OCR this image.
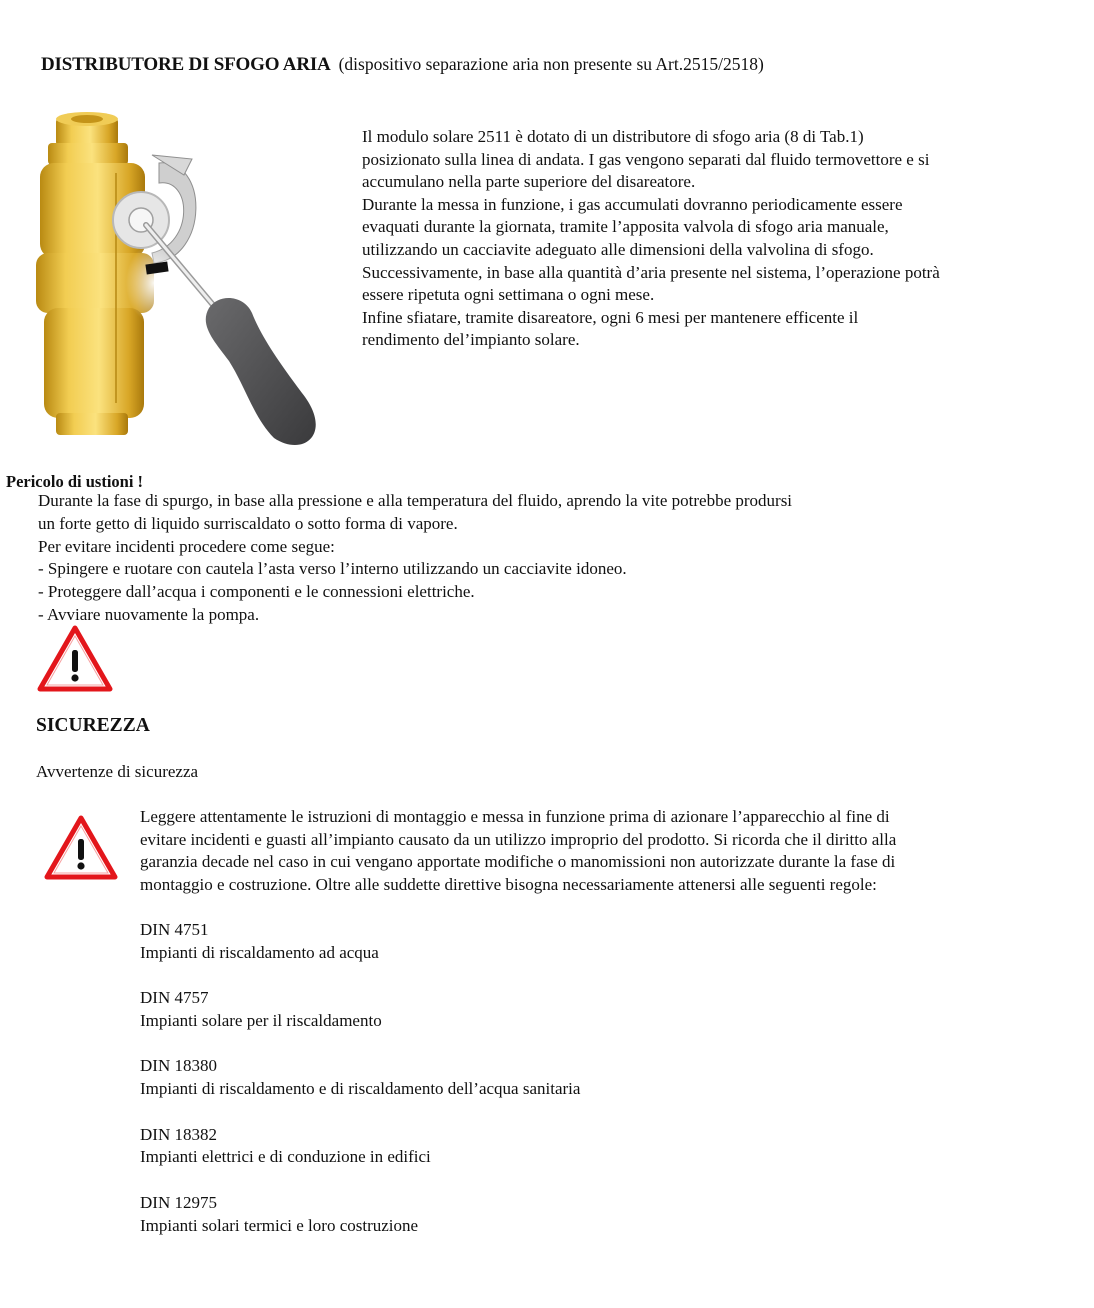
DISTRIBUTORE DI SFOGO ARIA (dispositivo separazione aria non presente su Art.2515/2518)

Il modulo solare 2511 è dotato di un distributore di sfogo aria (8 di Tab.1)

posizionato sulla linea di andata. I gas vengono separati dal fluido termovettore e si

accumulano nella parte superiore del disareatore.

Durante la messa in funzione, i gas accumulati dovranno periodicamente essere

evaquati durante la giornata, tramite l’apposita valvola di sfogo aria manuale,

utilizzando un cacciavite adeguato alle dimensioni della valvolina di sfogo.

Successivamente, in base alla quantità d’aria presente nel sistema, l’operazione potrà

essere ripetuta ogni settimana o ogni mese.

Infine sfiatare, tramite disareatore, ogni 6 mesi per mantenere efficente il

rendimento del’impianto solare.

Pericolo di ustioni !

Durante la fase di spurgo, in base alla pressione e alla temperatura del fluido, aprendo la vite potrebbe prodursi

un forte getto di liquido surriscaldato o sotto forma di vapore.

Per evitare incidenti procedere come segue:

- Spingere e ruotare con cautela l’asta verso l’interno utilizzando un cacciavite idoneo.

- Proteggere dall’acqua i componenti e le connessioni elettriche.

- Avviare nuovamente la pompa.

SICUREZZA
Avvertenze di sicurezza

Leggere attentamente le istruzioni di montaggio e messa in funzione prima di azionare l’apparecchio al fine di

evitare incidenti e guasti all’impianto causato da un utilizzo improprio del prodotto. Si ricorda che il diritto alla

garanzia decade nel caso in cui vengano apportate modifiche o manomissioni non autorizzate durante la fase di

montaggio e costruzione. Oltre alle suddette direttive bisogna necessariamente attenersi alle seguenti regole:

DIN 4751
Impianti di riscaldamento ad acqua
DIN 4757
Impianti solare per il riscaldamento
DIN 18380
Impianti di riscaldamento e di riscaldamento dell’acqua sanitaria
DIN 18382
Impianti elettrici e di conduzione in edifici
DIN 12975
Impianti solari termici e loro costruzione
